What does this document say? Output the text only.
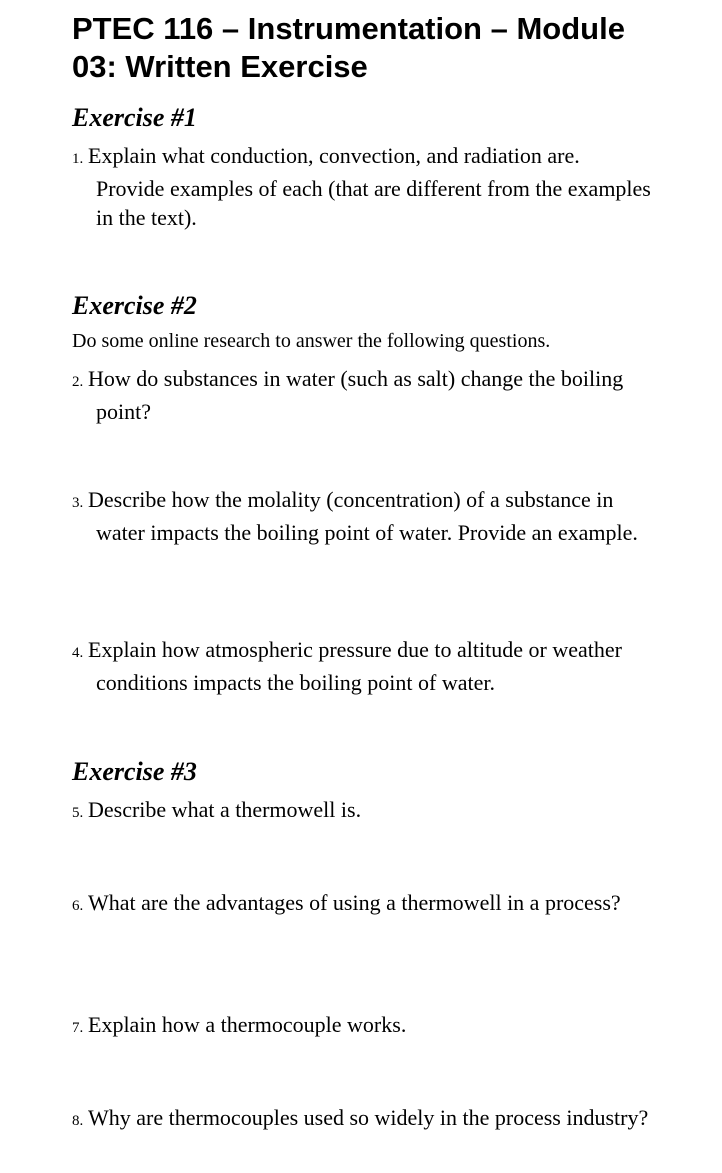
PTEC 116 – Instrumentation – Module 03: Written Exercise
Exercise #1

1. Explain what conduction, convection, and radiation are. Provide examples of each (that are different from the examples in the text).

Exercise #2

Do some online research to answer the following questions.

2. How do substances in water (such as salt) change the boiling point?

3. Describe how the molality (concentration) of a substance in water impacts the boiling point of water. Provide an example.

4. Explain how atmospheric pressure due to altitude or weather conditions impacts the boiling point of water.

Exercise #3

5. Describe what a thermowell is.

6. What are the advantages of using a thermowell in a process?

7. Explain how a thermocouple works.

8. Why are thermocouples used so widely in the process industry?
